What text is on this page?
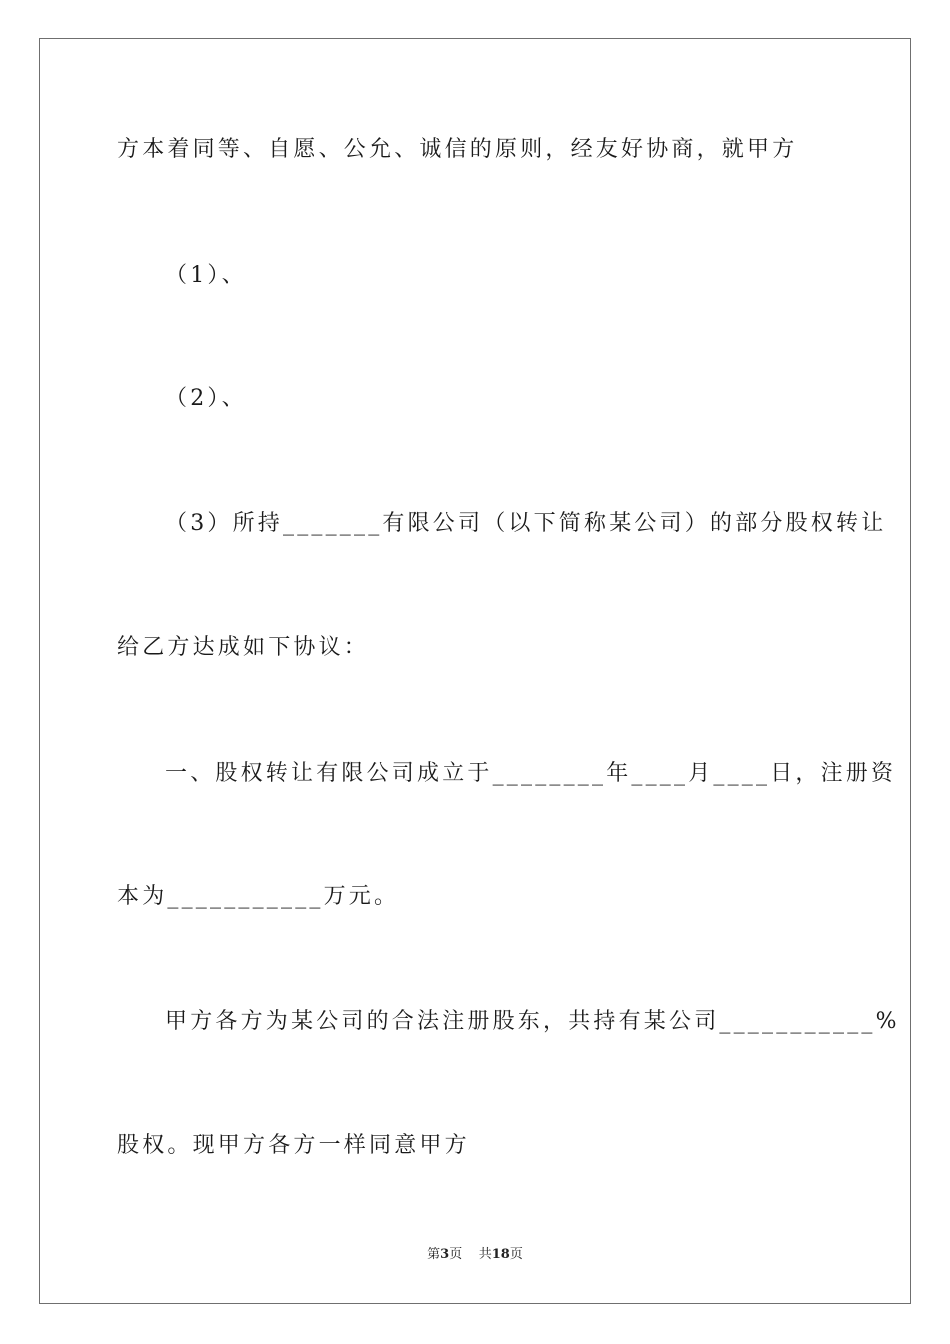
方本着同等、自愿、公允、诚信的原则，经友好协商，就甲方
（1）、
（2）、
（3）所持_______有限公司（以下简称某公司）的部分股权转让
给乙方达成如下协议：
一、股权转让有限公司成立于________年____月____日，注册资
本为___________万元。
甲方各方为某公司的合法注册股东，共持有某公司___________%
股权。现甲方各方一样同意甲方
第3页 共18页
